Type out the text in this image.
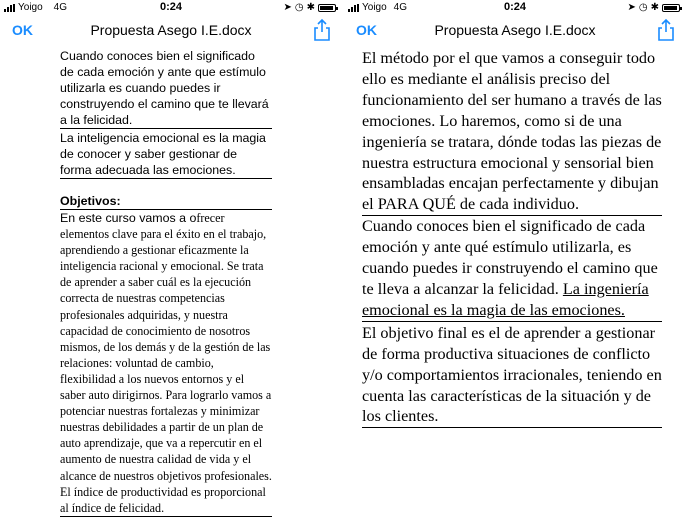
Yoigo 4G	0:24	➤ ◷ ✱
OK	Propuesta Asego I.E.docx

Cuando conoces bien el significado de cada emoción y ante que estímulo utilizarla es cuando puedes ir construyendo el camino que te llevará a la felicidad.

La inteligencia emocional es la magia de conocer y saber gestionar de forma adecuada las emociones.

Objetivos:

En este curso vamos a ofrecer elementos clave para el éxito en el trabajo, aprendiendo a gestionar eficazmente la inteligencia racional y emocional. Se trata de aprender a saber cuál es la ejecución correcta de nuestras competencias profesionales adquiridas, y nuestra capacidad de conocimiento de nosotros mismos, de los demás y de la gestión de las relaciones: voluntad de cambio, flexibilidad a los nuevos entornos y el saber auto dirigirnos. Para lograrlo vamos a potenciar nuestras fortalezas y minimizar nuestras debilidades a partir de un plan de auto aprendizaje, que va a repercutir en el aumento de nuestra calidad de vida y el alcance de nuestros objetivos profesionales. El índice de productividad es proporcional al índice de felicidad.

Yoigo 4G	0:24	➤ ◷ ✱
OK	Propuesta Asego I.E.docx

El método por el que vamos a conseguir todo ello es mediante el análisis preciso del funcionamiento del ser humano a través de las emociones. Lo haremos, como si de una ingeniería se tratara, dónde todas las piezas de nuestra estructura emocional y sensorial bien ensambladas encajan perfectamente y dibujan el PARA QUÉ de cada individuo.

Cuando conoces bien el significado de cada emoción y ante qué estímulo utilizarla, es cuando puedes ir construyendo el camino que te lleva a alcanzar la felicidad. La ingeniería emocional es la magia de las emociones.

El objetivo final es el de aprender a gestionar de forma productiva situaciones de conflicto y/o comportamientos irracionales, teniendo en cuenta las características de la situación y de los clientes.
